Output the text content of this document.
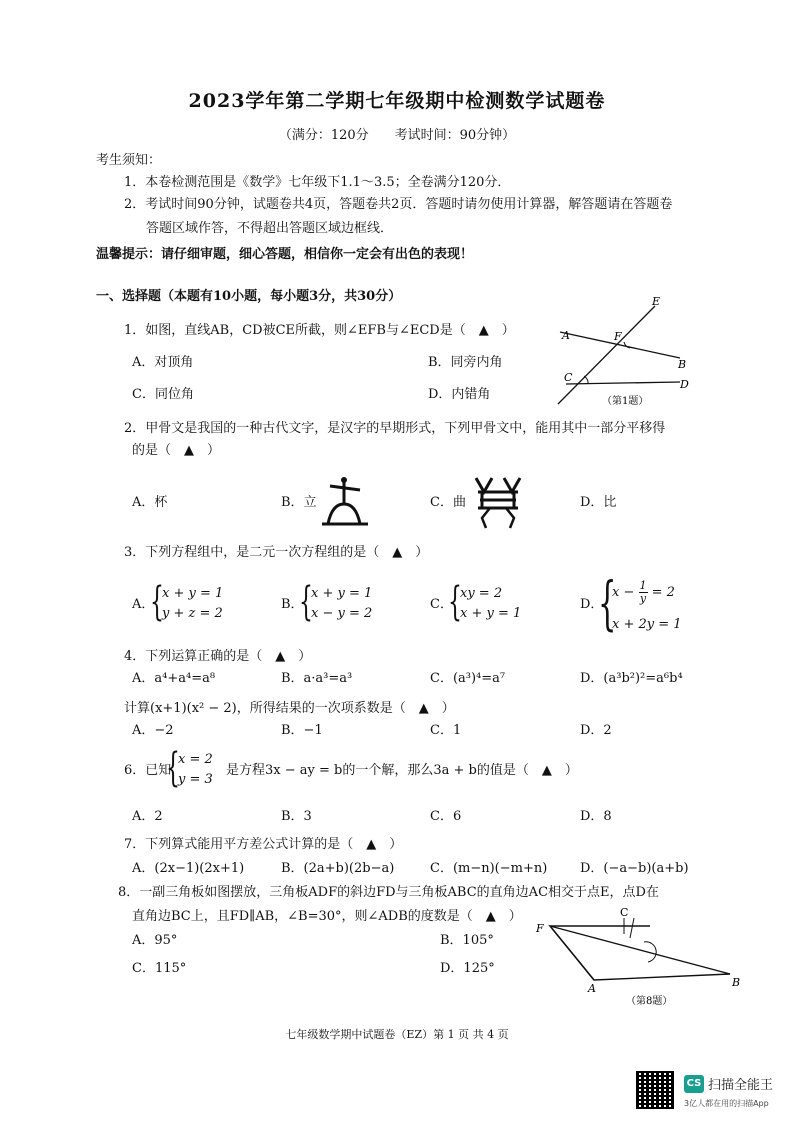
2023学年第二学期七年级期中检测数学试题卷
（满分：120分　　考试时间：90分钟）
考生须知：
1．本卷检测范围是《数学》七年级下1.1～3.5；全卷满分120分．
2．考试时间90分钟，试题卷共4页，答题卷共2页．答题时请勿使用计算器，解答题请在答题卷
答题区域作答，不得超出答题区域边框线．
温馨提示：请仔细审题，细心答题，相信你一定会有出色的表现！
一、选择题（本题有10小题，每小题3分，共30分）
1．如图，直线AB，CD被CE所截，则∠EFB与∠ECD是（　▲　）
A．对顶角	B．同旁内角
C．同位角	D．内错角
E
A	F
B
C
D
（第1题）
2．甲骨文是我国的一种古代文字，是汉字的早期形式，下列甲骨文中，能用其中一部分平移得
的是（　▲　）
A．杯	B．立	C．曲	D．比
3．下列方程组中，是二元一次方程组的是（　▲　）
A．
{
x + y = 1
y + z = 2
B．
{
x + y = 1
x − y = 2
C．
{
xy = 2
x + y = 1
D．
{
$x - \frac{1}{y} = 2$
x + 2y = 1
4．下列运算正确的是（　▲　）
A．a⁴+a⁴=a⁸	B．a·a³=a³	C．(a³)⁴=a⁷	D．(a³b²)²=a⁶b⁴
计算(x+1)(x² − 2)，所得结果的一次项系数是（　▲　）
A．−2	B．−1	C．1	D．2
6．已知
{
x = 2
y = 3
是方程3x − ay = b的一个解，那么3a + b的值是（　▲　）
A．2	B．3	C．6	D．8
7．下列算式能用平方差公式计算的是（　▲　）
A．(2x−1)(2x+1)	B．(2a+b)(2b−a)	C．(m−n)(−m+n)	D．(−a−b)(a+b)
8．一副三角板如图摆放，三角板ADF的斜边FD与三角板ABC的直角边AC相交于点E，点D在
直角边BC上，且FD∥AB，∠B=30°，则∠ADB的度数是（　▲　）
A．95°	B．105°
C．115°	D．125°
C
F
A	B
（第8题）
七年级数学期中试题卷（EZ）第 1 页 共 4 页
CS 扫描全能王
3亿人都在用的扫描App
